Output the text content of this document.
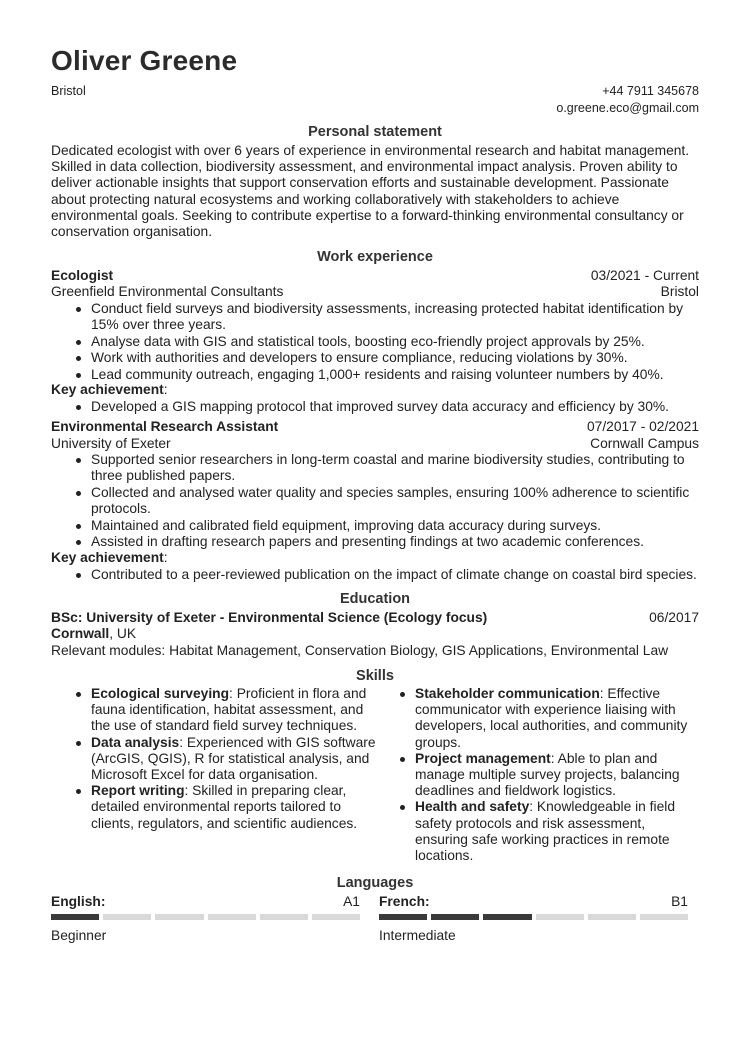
Oliver Greene
Bristol	+44 7911 345678
o.greene.eco@gmail.com
Personal statement
Dedicated ecologist with over 6 years of experience in environmental research and habitat management. Skilled in data collection, biodiversity assessment, and environmental impact analysis. Proven ability to deliver actionable insights that support conservation efforts and sustainable development. Passionate about protecting natural ecosystems and working collaboratively with stakeholders to achieve environmental goals. Seeking to contribute expertise to a forward-thinking environmental consultancy or conservation organisation.
Work experience
Ecologist	03/2021 - Current
Greenfield Environmental Consultants	Bristol
Conduct field surveys and biodiversity assessments, increasing protected habitat identification by 15% over three years.
Analyse data with GIS and statistical tools, boosting eco-friendly project approvals by 25%.
Work with authorities and developers to ensure compliance, reducing violations by 30%.
Lead community outreach, engaging 1,000+ residents and raising volunteer numbers by 40%.
Key achievement :
Developed a GIS mapping protocol that improved survey data accuracy and efficiency by 30%.
Environmental Research Assistant	07/2017 - 02/2021
University of Exeter	Cornwall Campus
Supported senior researchers in long-term coastal and marine biodiversity studies, contributing to three published papers.
Collected and analysed water quality and species samples, ensuring 100% adherence to scientific protocols.
Maintained and calibrated field equipment, improving data accuracy during surveys.
Assisted in drafting research papers and presenting findings at two academic conferences.
Key achievement :
Contributed to a peer-reviewed publication on the impact of climate change on coastal bird species.
Education
BSc: University of Exeter - Environmental Science (Ecology focus)	06/2017
Cornwall , UK
Relevant modules: Habitat Management, Conservation Biology, GIS Applications, Environmental Law
Skills
Ecological surveying: Proficient in flora and fauna identification, habitat assessment, and the use of standard field survey techniques.
Data analysis: Experienced with GIS software (ArcGIS, QGIS), R for statistical analysis, and Microsoft Excel for data organisation.
Report writing: Skilled in preparing clear, detailed environmental reports tailored to clients, regulators, and scientific audiences.
Stakeholder communication: Effective communicator with experience liaising with developers, local authorities, and community groups.
Project management: Able to plan and manage multiple survey projects, balancing deadlines and fieldwork logistics.
Health and safety: Knowledgeable in field safety protocols and risk assessment, ensuring safe working practices in remote locations.
Languages
English:	A1
Beginner
French:	B1
Intermediate
